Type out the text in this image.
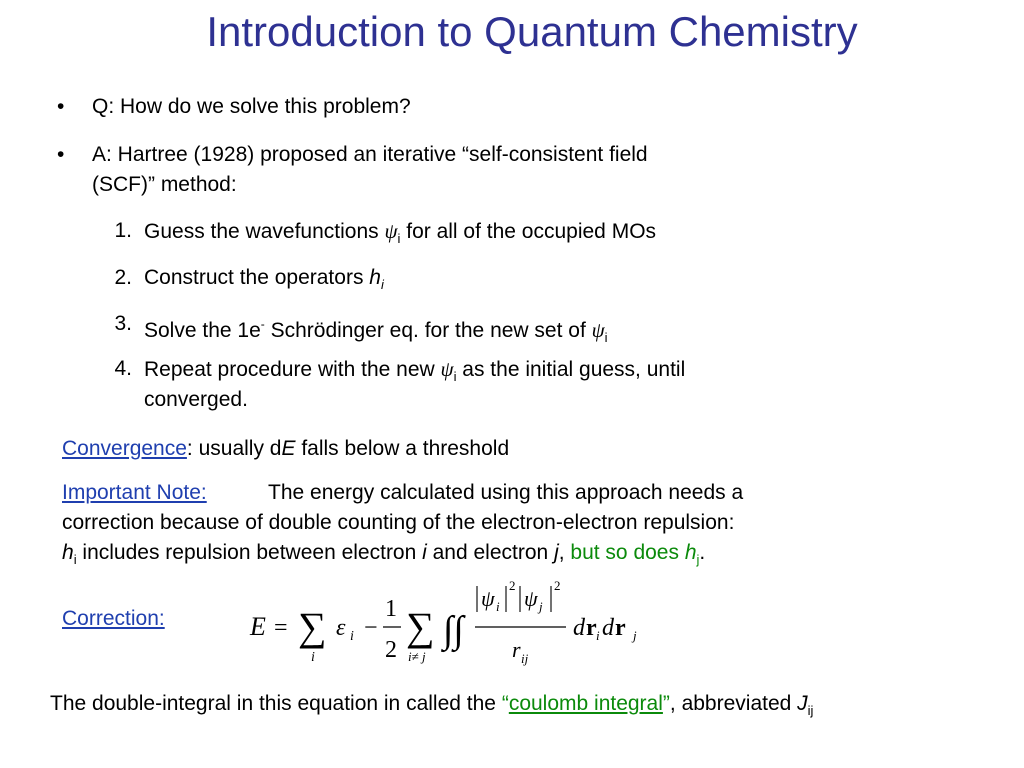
Introduction to Quantum Chemistry
• Q: How do we solve this problem?
• A: Hartree (1928) proposed an iterative “self-consistent field
(SCF)” method:
1. Guess the wavefunctions $\psi_i$ for all of the occupied MOs
2. Construct the operators $h_i$
3. Solve the 1e- Schrödinger eq. for the new set of $\psi_i$
4. Repeat procedure with the new $\psi_i$ as the initial guess, until
converged.
Convergence: usually dE falls below a threshold
Important Note:	The energy calculated using this approach needs a
correction because of double counting of the electron-electron repulsion:
$h_i$ includes repulsion between electron i and electron j, but so does $h_j$.
Correction:	E = ∑
i
ε i −
1
2
∑
i≠ j
∫∫
ψ i
2
ψ j
2
r ij
d r i d r j
The double-integral in this equation in called the “coulomb integral”, abbreviated $J_{ij}$
